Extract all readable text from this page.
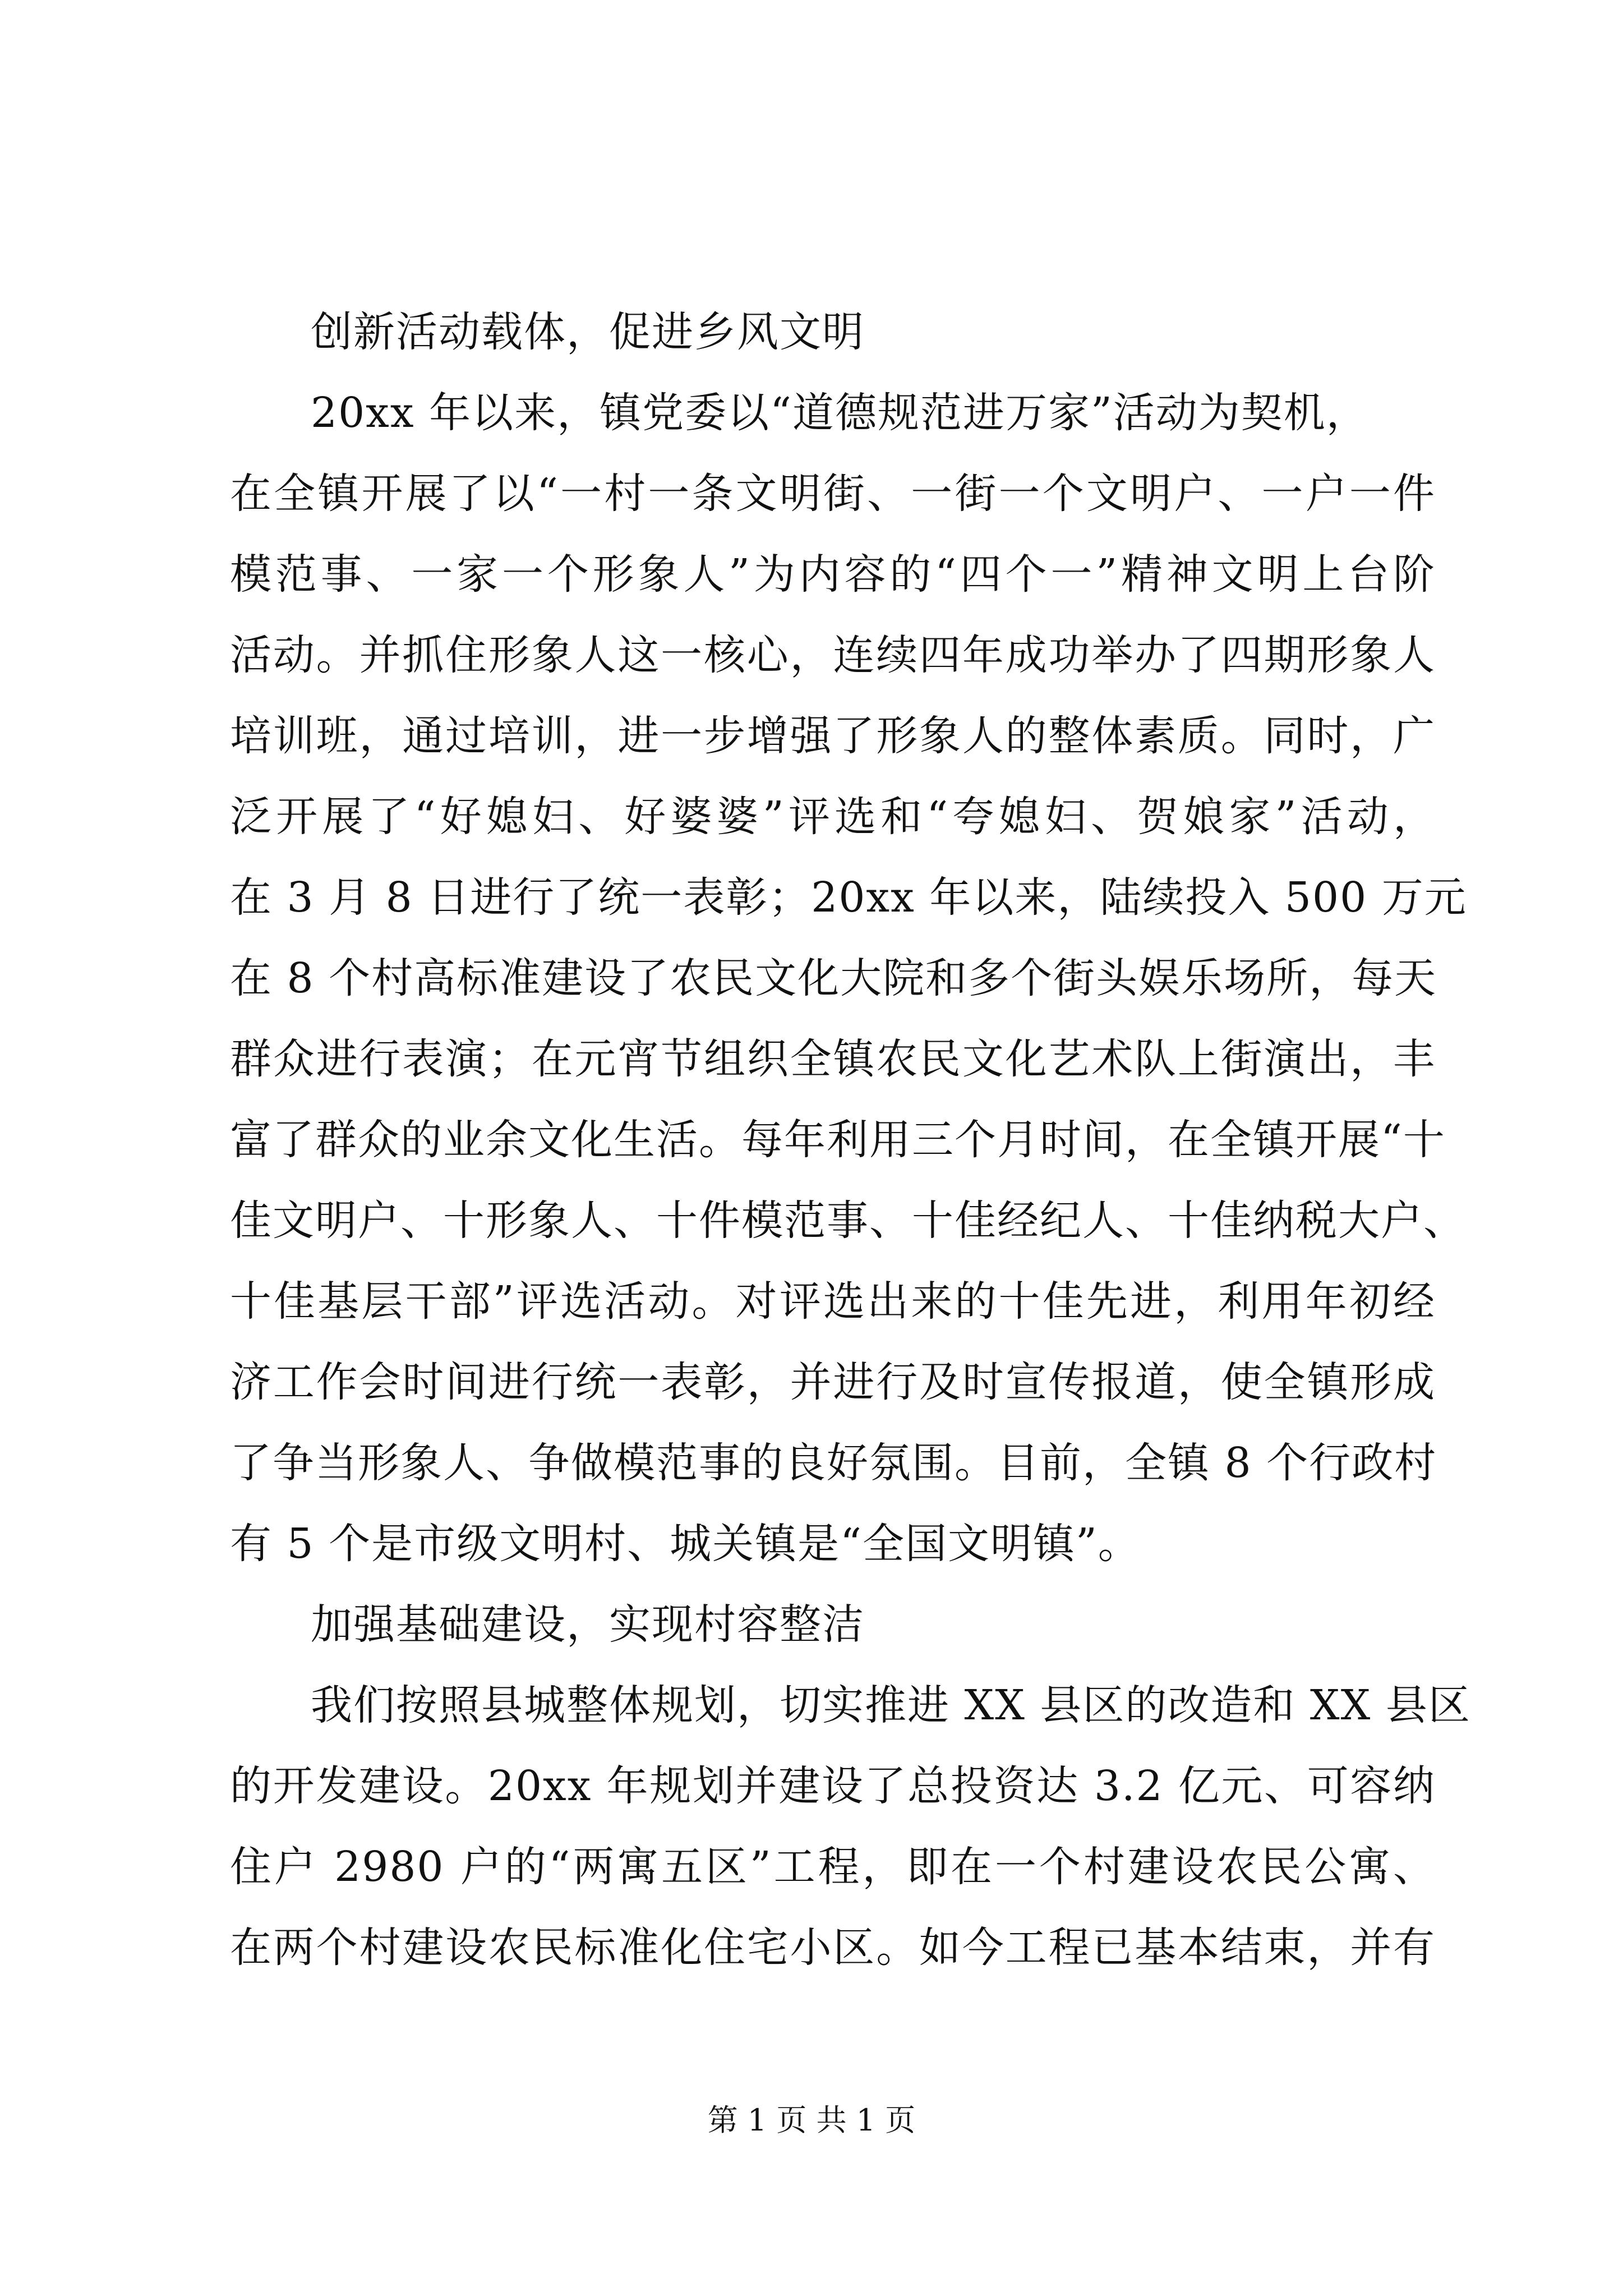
创新活动载体，促进乡风文明
20xx 年以来，镇党委以“道德规范进万家”活动为契机，
在全镇开展了以“一村一条文明街、一街一个文明户、一户一件
模范事、一家一个形象人”为内容的“四个一”精神文明上台阶
活动。并抓住形象人这一核心，连续四年成功举办了四期形象人
培训班，通过培训，进一步增强了形象人的整体素质。同时，广
泛开展了“好媳妇、好婆婆”评选和“夸媳妇、贺娘家”活动，
在 3 月 8 日进行了统一表彰；20xx 年以来，陆续投入 500 万元
在 8 个村高标准建设了农民文化大院和多个街头娱乐场所，每天
群众进行表演；在元宵节组织全镇农民文化艺术队上街演出，丰
富了群众的业余文化生活。每年利用三个月时间，在全镇开展“十
佳文明户、十形象人、十件模范事、十佳经纪人、十佳纳税大户、
十佳基层干部”评选活动。对评选出来的十佳先进，利用年初经
济工作会时间进行统一表彰，并进行及时宣传报道，使全镇形成
了争当形象人、争做模范事的良好氛围。目前，全镇 8 个行政村
有 5 个是市级文明村、城关镇是“全国文明镇”。
加强基础建设，实现村容整洁
我们按照县城整体规划，切实推进 XX 县区的改造和 XX 县区
的开发建设。20xx 年规划并建设了总投资达 3.2 亿元、可容纳
住户 2980 户的“两寓五区”工程，即在一个村建设农民公寓、
在两个村建设农民标准化住宅小区。如今工程已基本结束，并有
第 1 页 共 1 页
